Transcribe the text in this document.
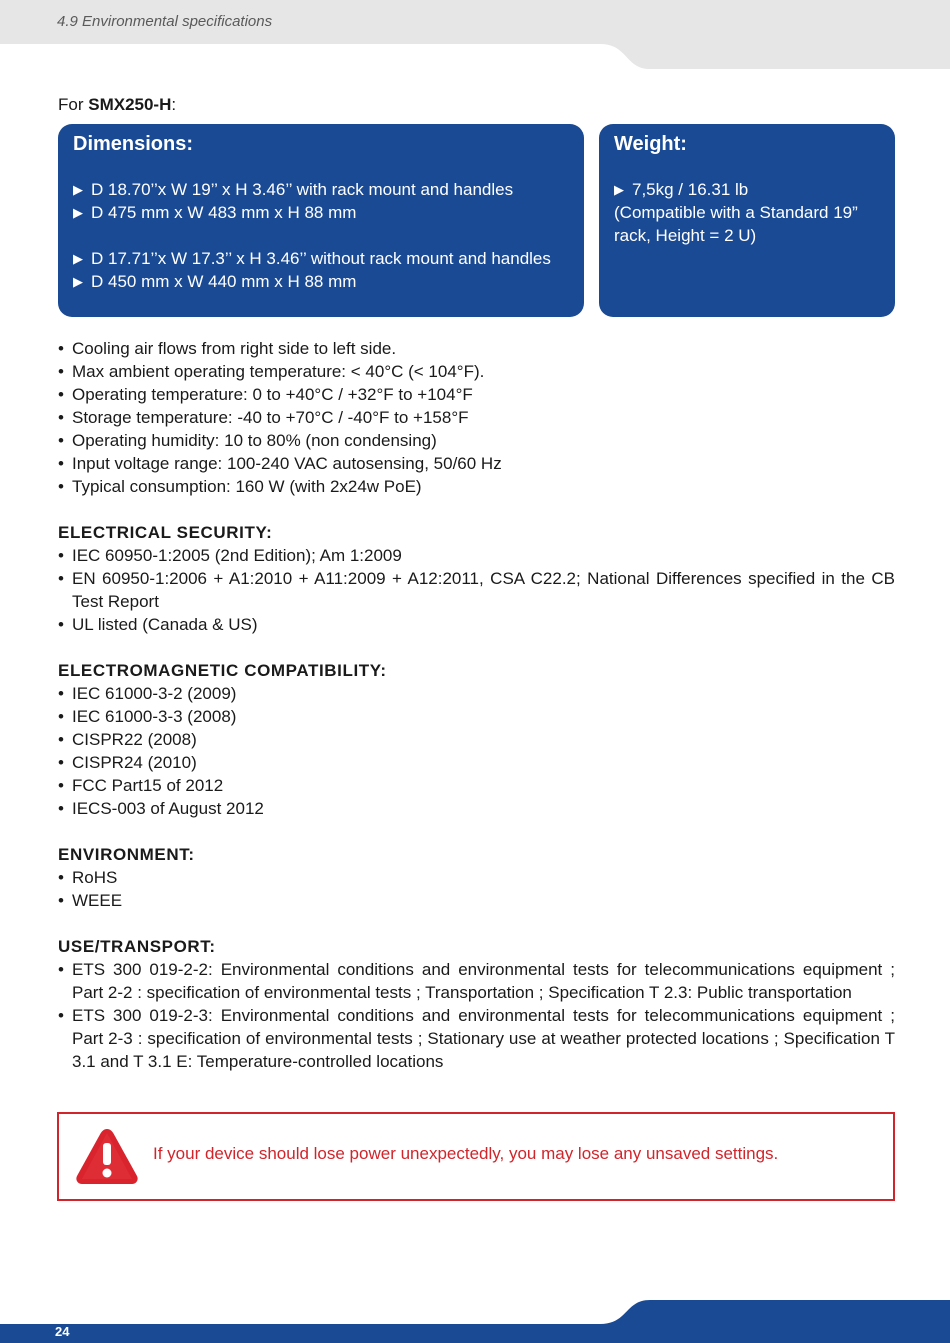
4.9 Environmental specifications
For SMX250-H:
Dimensions:
▶ D 18.70’’x W 19’’ x H 3.46’’ with rack mount and handles
▶ D 475 mm x W 483 mm x H 88 mm
▶ D 17.71’’x W 17.3’’ x H 3.46’’ without rack mount and handles
▶ D 450 mm x W 440 mm x H 88 mm
Weight:
▶ 7,5kg / 16.31 lb
(Compatible with a Standard 19”
rack, Height = 2 U)
• Cooling air flows from right side to left side.
• Max ambient operating temperature: < 40°C (< 104°F).
• Operating temperature: 0 to +40°C / +32°F to +104°F
• Storage temperature: -40 to +70°C / -40°F to +158°F
• Operating humidity: 10 to 80% (non condensing)
• Input voltage range: 100-240 VAC autosensing, 50/60 Hz
• Typical consumption: 160 W (with 2x24w PoE)
ELECTRICAL SECURITY:
• IEC 60950-1:2005 (2nd Edition); Am 1:2009
• EN 60950-1:2006 + A1:2010 + A11:2009 + A12:2011, CSA C22.2; National Differences specified in the CB Test Report
• UL listed (Canada & US)
ELECTROMAGNETIC COMPATIBILITY:
• IEC 61000-3-2 (2009)
• IEC 61000-3-3 (2008)
• CISPR22 (2008)
• CISPR24 (2010)
• FCC Part15 of 2012
• IECS-003 of August 2012
ENVIRONMENT:
• RoHS
• WEEE
USE/TRANSPORT:
• ETS 300 019-2-2: Environmental conditions and environmental tests for telecommunications equipment ; Part 2-2 : specification of environmental tests ; Transportation ; Specification T 2.3: Public transportation
• ETS 300 019-2-3: Environmental conditions and environmental tests for telecommunications equipment ; Part 2-3 : specification of environmental tests ; Stationary use at weather protected locations ; Specification T 3.1 and T 3.1 E: Temperature-controlled locations
If your device should lose power unexpectedly, you may lose any unsaved settings.
24
